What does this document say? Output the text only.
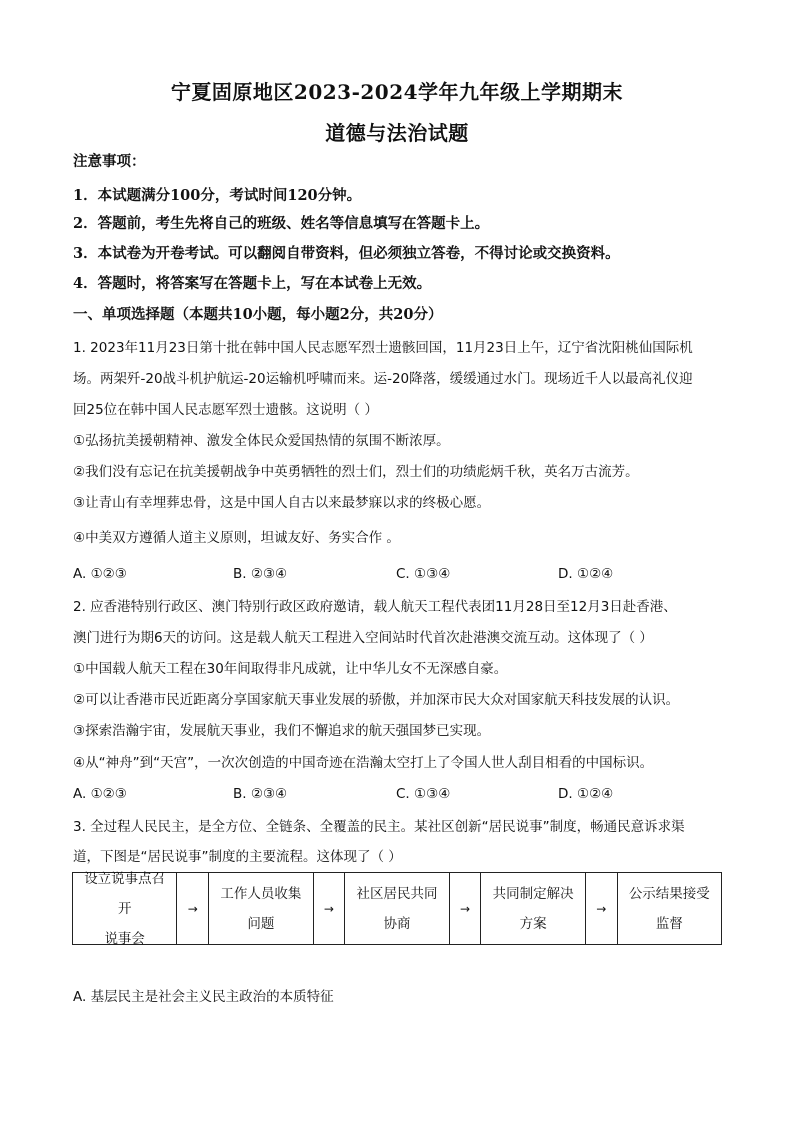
宁夏固原地区2023-2024学年九年级上学期期末
道德与法治试题
注意事项：
1．本试题满分100分，考试时间120分钟。
2．答题前，考生先将自己的班级、姓名等信息填写在答题卡上。
3．本试卷为开卷考试。可以翻阅自带资料，但必须独立答卷，不得讨论或交换资料。
4．答题时，将答案写在答题卡上，写在本试卷上无效。
一、单项选择题（本题共10小题，每小题2分，共20分）
1. 2023年11月23日第十批在韩中国人民志愿军烈士遗骸回国，11月23日上午，辽宁省沈阳桃仙国际机
场。两架歼-20战斗机护航运-20运输机呼啸而来。运-20降落，缓缓通过水门。现场近千人以最高礼仪迎
回25位在韩中国人民志愿军烈士遗骸。这说明（ ）
①弘扬抗美援朝精神、激发全体民众爱国热情的氛围不断浓厚。
②我们没有忘记在抗美援朝战争中英勇牺牲的烈士们，烈士们的功绩彪炳千秋，英名万古流芳。
③让青山有幸埋葬忠骨，这是中国人自古以来最梦寐以求的终极心愿。
④中美双方遵循人道主义原则，坦诚友好、务实合作 。
A. ①②③	B. ②③④	C. ①③④	D. ①②④
2. 应香港特别行政区、澳门特别行政区政府邀请，载人航天工程代表团11月28日至12月3日赴香港、
澳门进行为期6天的访问。这是载人航天工程进入空间站时代首次赴港澳交流互动。这体现了（ ）
①中国载人航天工程在30年间取得非凡成就，让中华儿女不无深感自豪。
②可以让香港市民近距离分享国家航天事业发展的骄傲，并加深市民大众对国家航天科技发展的认识。
③探索浩瀚宇宙，发展航天事业，我们不懈追求的航天强国梦已实现。
④从“神舟”到“天宫”，一次次创造的中国奇迹在浩瀚太空打上了令国人世人刮目相看的中国标识。
A. ①②③	B. ②③④	C. ①③④	D. ①②④
3. 全过程人民民主，是全方位、全链条、全覆盖的民主。某社区创新“居民说事”制度，畅通民意诉求渠
道，下图是“居民说事”制度的主要流程。这体现了（ ）
设立说事点召开
说事会
→
工作人员收集
问题
→
社区居民共同
协商
→
共同制定解决
方案
→
公示结果接受
监督
A. 基层民主是社会主义民主政治的本质特征
